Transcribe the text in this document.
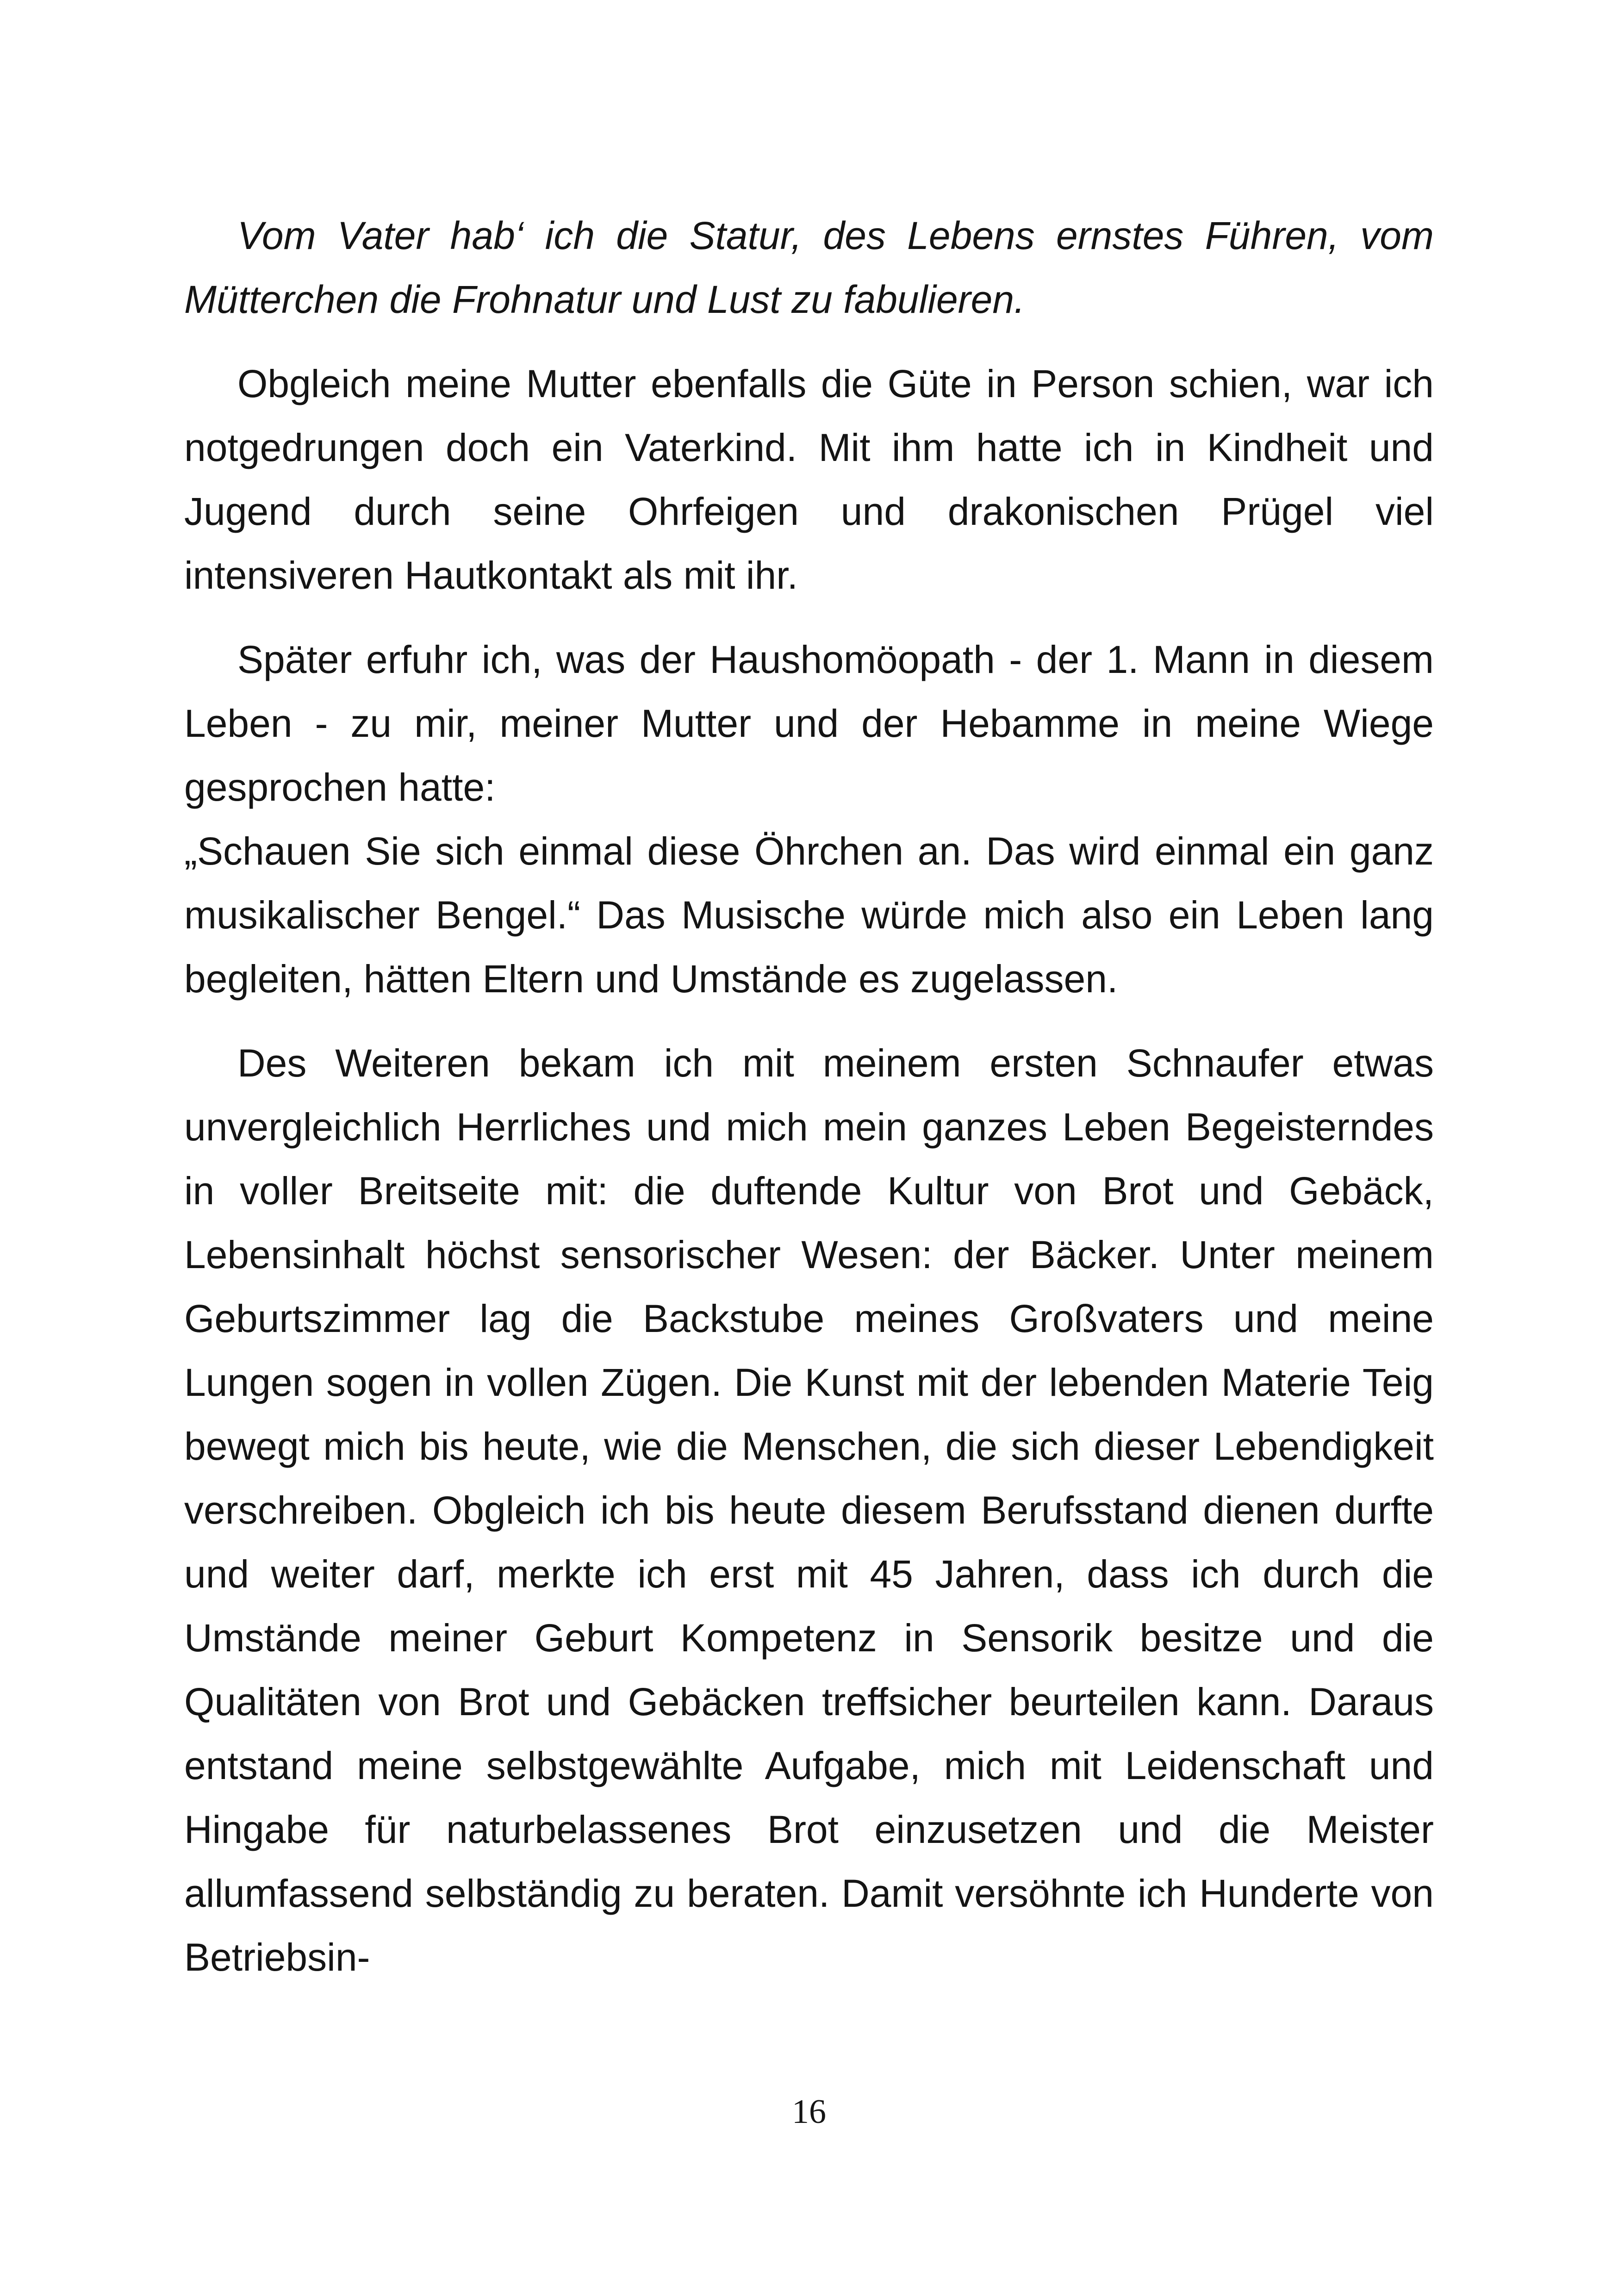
Vom Vater hab‘ ich die Statur, des Lebens ernstes Führen, vom Mütterchen die Frohnatur und Lust zu fabulieren.

Obgleich meine Mutter ebenfalls die Güte in Person schien, war ich notgedrungen doch ein Vaterkind. Mit ihm hatte ich in Kindheit und Jugend durch seine Ohrfeigen und drakonischen Prügel viel intensiveren Hautkontakt als mit ihr.

Später erfuhr ich, was der Haushomöopath - der 1. Mann in diesem Leben - zu mir, meiner Mutter und der Hebamme in meine Wiege gesprochen hatte:
„Schauen Sie sich einmal diese Öhrchen an. Das wird einmal ein ganz musikalischer Bengel.“ Das Musische würde mich also ein Leben lang begleiten, hätten Eltern und Umstände es zugelassen.

Des Weiteren bekam ich mit meinem ersten Schnaufer etwas unvergleichlich Herrliches und mich mein ganzes Leben Begeisterndes in voller Breitseite mit: die duftende Kultur von Brot und Gebäck, Lebensinhalt höchst sensorischer Wesen: der Bäcker. Unter meinem Geburtszimmer lag die Backstube meines Großvaters und meine Lungen sogen in vollen Zügen. Die Kunst mit der lebenden Materie Teig bewegt mich bis heute, wie die Menschen, die sich dieser Lebendigkeit verschreiben. Obgleich ich bis heute diesem Berufsstand dienen durfte und weiter darf, merkte ich erst mit 45 Jahren, dass ich durch die Umstände meiner Geburt Kompetenz in Sensorik besitze und die Qualitäten von Brot und Gebäcken treffsicher beurteilen kann. Daraus entstand meine selbstgewählte Aufgabe, mich mit Leidenschaft und Hingabe für naturbelassenes Brot einzusetzen und die Meister allumfassend selbständig zu beraten. Damit versöhnte ich Hunderte von Betriebsin-

16
